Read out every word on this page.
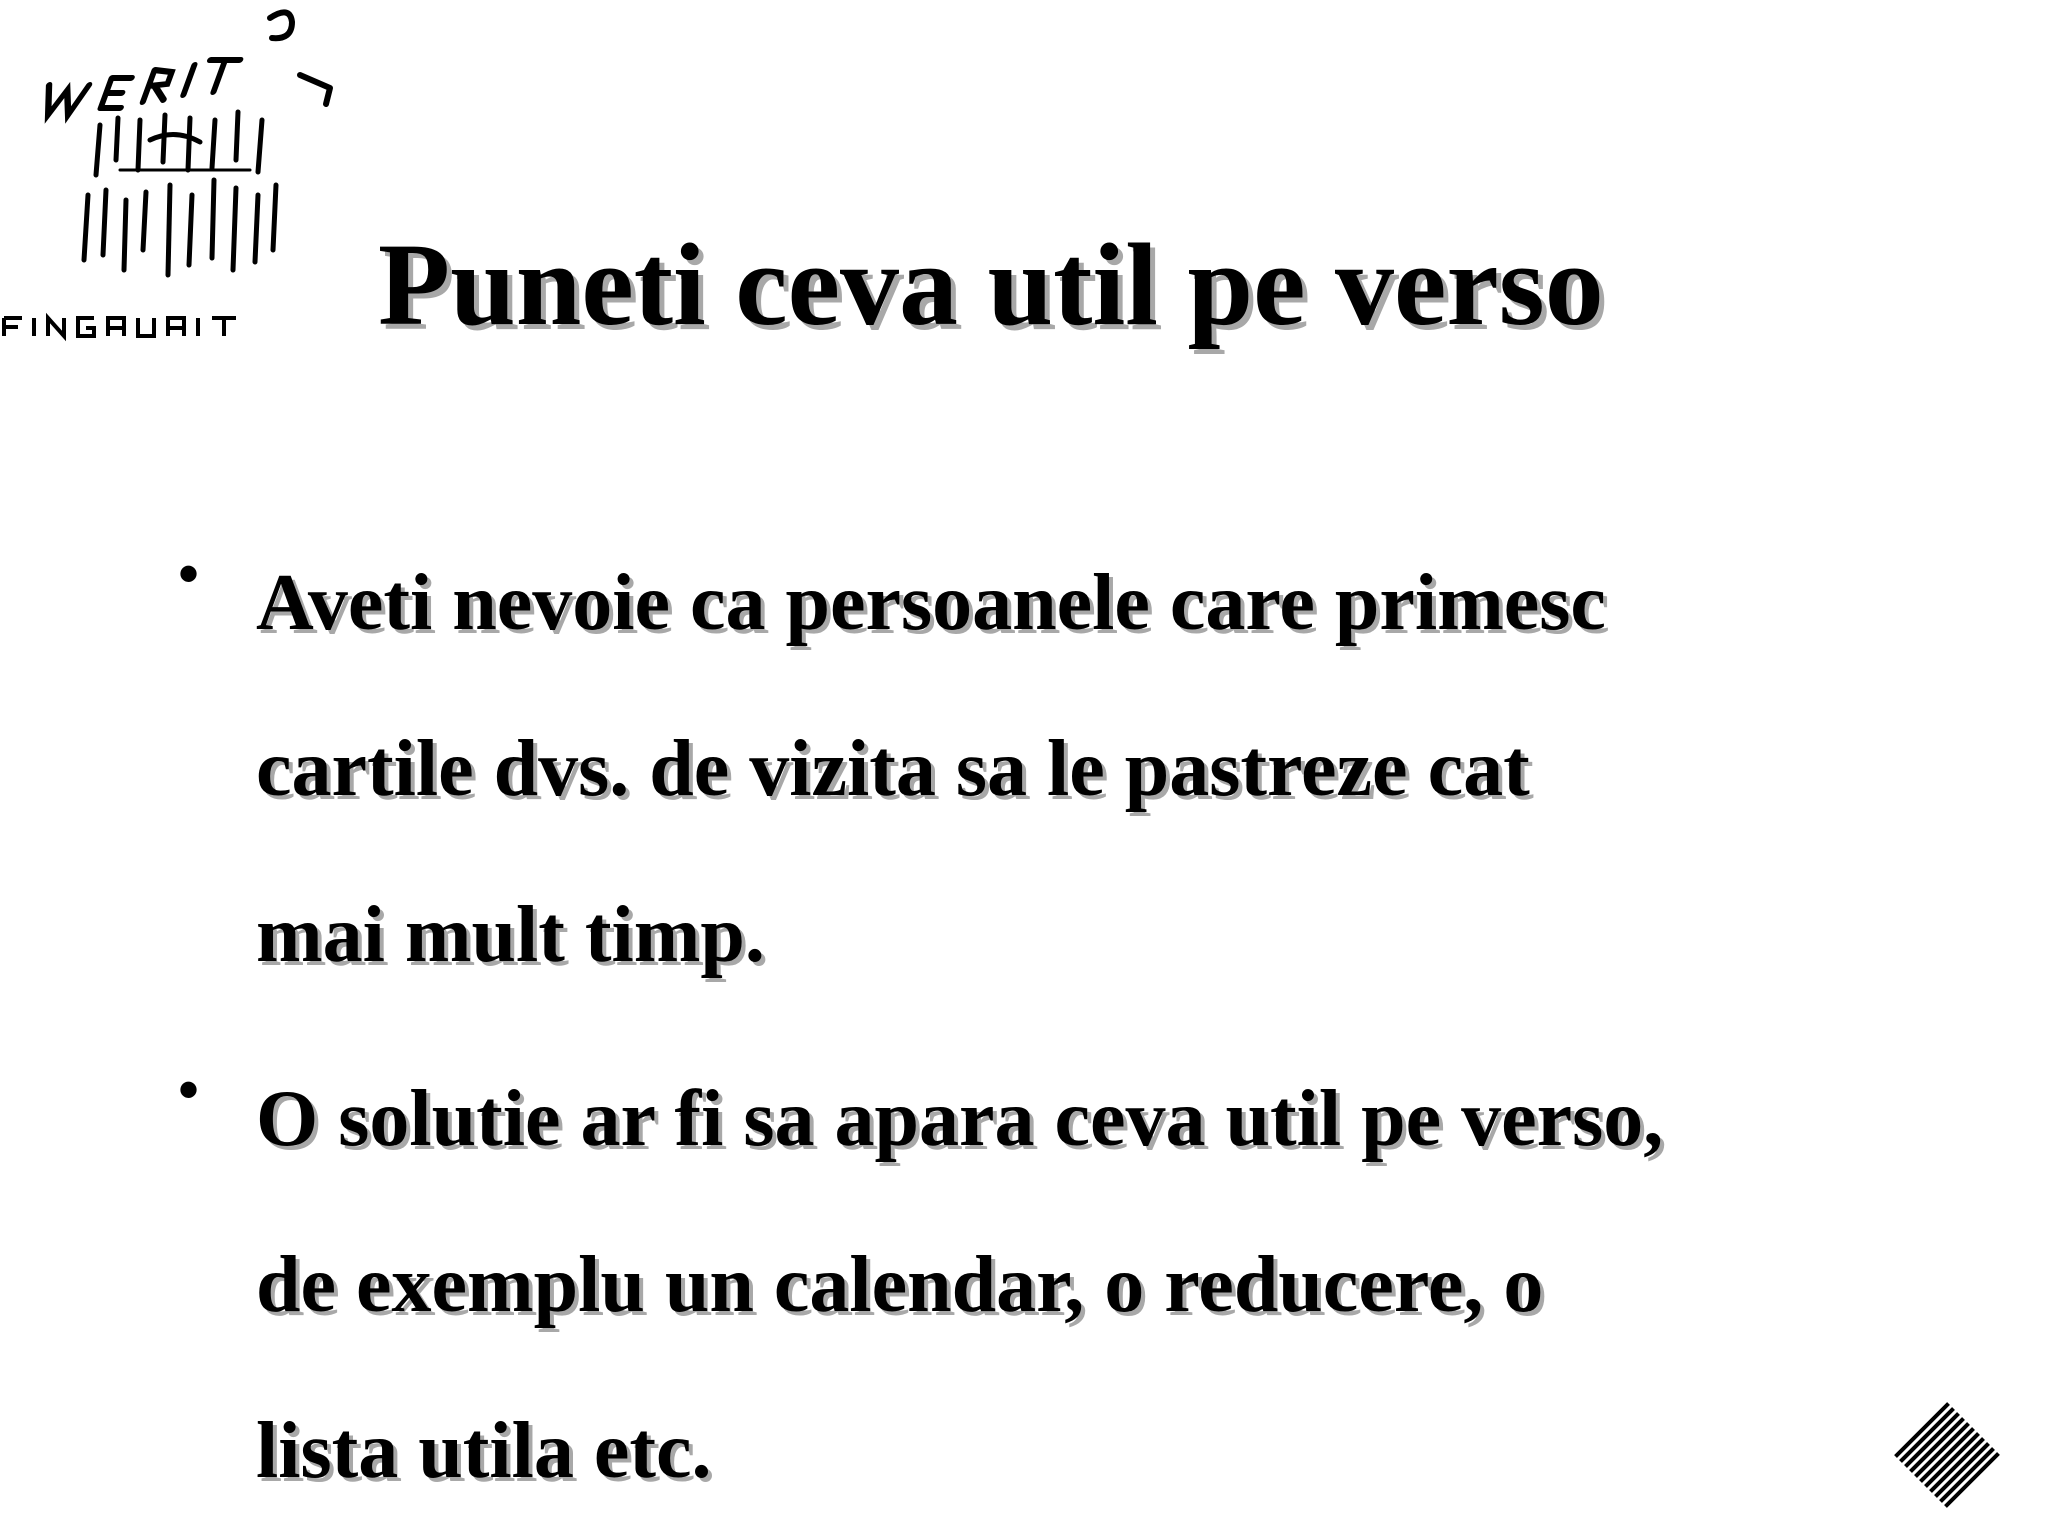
Puneti ceva util pe verso
• Aveti nevoie ca persoanele care primesc
cartile dvs. de vizita sa le pastreze cat
mai mult timp.
• O solutie ar fi sa apara ceva util pe verso,
de exemplu un calendar, o reducere, o
lista utila etc.
